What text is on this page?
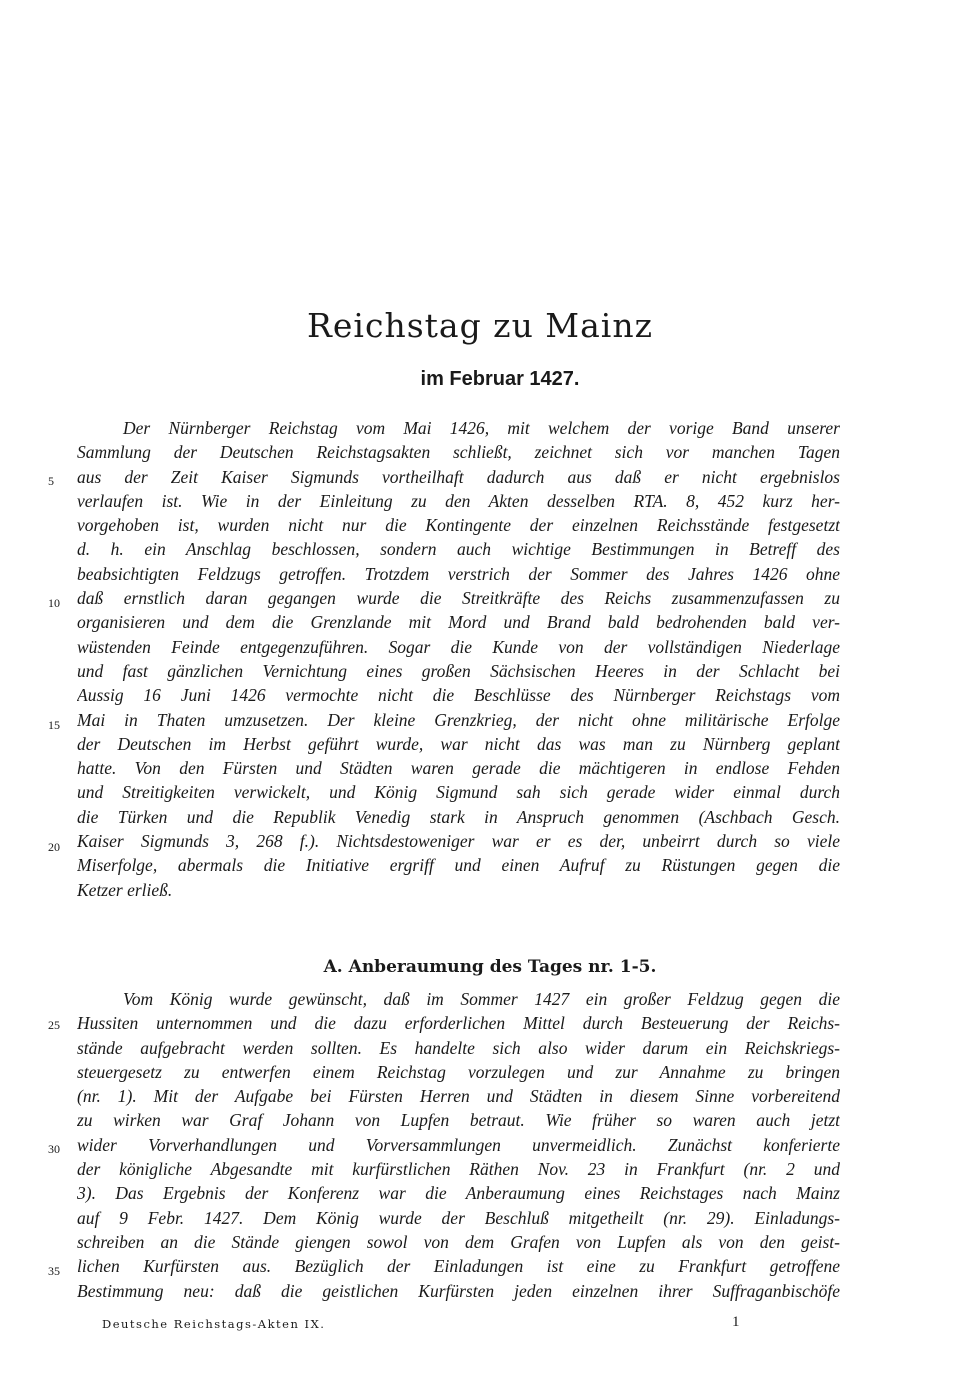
Reichstag zu Mainz
im Februar 1427.
Der Nürnberger Reichstag vom Mai 1426, mit welchem der vorige Band unserer
Sammlung der Deutschen Reichstagsakten schließt, zeichnet sich vor manchen Tagen
aus der Zeit Kaiser Sigmunds vortheilhaft dadurch aus daß er nicht ergebnislos
verlaufen ist. Wie in der Einleitung zu den Akten desselben RTA. 8, 452 kurz her-
vorgehoben ist, wurden nicht nur die Kontingente der einzelnen Reichsstände festgesetzt
d. h. ein Anschlag beschlossen, sondern auch wichtige Bestimmungen in Betreff des
beabsichtigten Feldzugs getroffen. Trotzdem verstrich der Sommer des Jahres 1426 ohne
daß ernstlich daran gegangen wurde die Streitkräfte des Reichs zusammenzufassen zu
organisieren und dem die Grenzlande mit Mord und Brand bald bedrohenden bald ver-
wüstenden Feinde entgegenzuführen. Sogar die Kunde von der vollständigen Niederlage
und fast gänzlichen Vernichtung eines großen Sächsischen Heeres in der Schlacht bei
Aussig 16 Juni 1426 vermochte nicht die Beschlüsse des Nürnberger Reichstags vom
Mai in Thaten umzusetzen. Der kleine Grenzkrieg, der nicht ohne militärische Erfolge
der Deutschen im Herbst geführt wurde, war nicht das was man zu Nürnberg geplant
hatte. Von den Fürsten und Städten waren gerade die mächtigeren in endlose Fehden
und Streitigkeiten verwickelt, und König Sigmund sah sich gerade wider einmal durch
die Türken und die Republik Venedig stark in Anspruch genommen (Aschbach Gesch.
Kaiser Sigmunds 3, 268 f.). Nichtsdestoweniger war er es der, unbeirrt durch so viele
Miserfolge, abermals die Initiative ergriff und einen Aufruf zu Rüstungen gegen die
Ketzer erließ.
A. Anberaumung des Tages nr. 1-5.
Vom König wurde gewünscht, daß im Sommer 1427 ein großer Feldzug gegen die
Hussiten unternommen und die dazu erforderlichen Mittel durch Besteuerung der Reichs-
stände aufgebracht werden sollten. Es handelte sich also wider darum ein Reichskriegs-
steuergesetz zu entwerfen einem Reichstag vorzulegen und zur Annahme zu bringen
(nr. 1). Mit der Aufgabe bei Fürsten Herren und Städten in diesem Sinne vorbereitend
zu wirken war Graf Johann von Lupfen betraut. Wie früher so waren auch jetzt
wider Vorverhandlungen und Vorversammlungen unvermeidlich. Zunächst konferierte
der königliche Abgesandte mit kurfürstlichen Räthen Nov. 23 in Frankfurt (nr. 2 und
3). Das Ergebnis der Konferenz war die Anberaumung eines Reichstages nach Mainz
auf 9 Febr. 1427. Dem König wurde der Beschluß mitgetheilt (nr. 29). Einladungs-
schreiben an die Stände giengen sowol von dem Grafen von Lupfen als von den geist-
lichen Kurfürsten aus. Bezüglich der Einladungen ist eine zu Frankfurt getroffene
Bestimmung neu: daß die geistlichen Kurfürsten jeden einzelnen ihrer Suffraganbischöfe
5
10
15
20
25
30
35
Deutsche Reichstags-Akten IX.	1
